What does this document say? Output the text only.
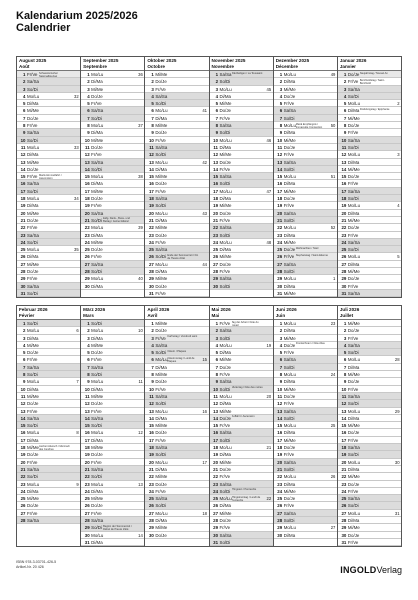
Kalendarium 2025/2026
Calendrier
August 2025
Août
1 Fr/Ve Schweizerischer Nationalfeiertag
2 Sa/Sa
3 So/Di
4 Mo/Lu	32
5 Di/Ma
6 Mi/Me
7 Do/Je
8 Fr/Ve
9 Sa/Sa
10 So/Di
11 Mo/Lu	33
12 Di/Ma
13 Mi/Me
14 Do/Je
15 Fr/Ve Mariä Himmelfahrt / Assomption
16 Sa/Sa
17 So/Di
18 Mo/Lu	34
19 Di/Ma
20 Mi/Me
21 Do/Je
22 Fr/Ve
23 Sa/Sa
24 So/Di
25 Mo/Lu	35
26 Di/Ma
27 Mi/Me
28 Do/Je
29 Fr/Ve
30 Sa/Sa
31 So/Di
September 2025
Septembre
1 Mo/Lu	36
2 Di/Ma
3 Mi/Me
4 Do/Je
5 Fr/Ve
6 Sa/Sa
7 So/Di
8 Mo/Lu	37
9 Di/Ma
10 Mi/Me
11 Do/Je
12 Fr/Ve
13 Sa/Sa
14 So/Di
15 Mo/Lu	38
16 Di/Ma
17 Mi/Me
18 Do/Je
19 Fr/Ve
20 Sa/Sa
21 So/Di Eidg. Dank-, Buss- und Bettag / Jeûne fédéral
22 Mo/Lu	39
23 Di/Ma
24 Mi/Me
25 Do/Je
26 Fr/Ve
27 Sa/Sa
28 So/Di
29 Mo/Lu	40
30 Di/Ma
Oktober 2025
Octobre
1 Mi/Me
2 Do/Je
3 Fr/Ve
4 Sa/Sa
5 So/Di
6 Mo/Lu	41
7 Di/Ma
8 Mi/Me
9 Do/Je
10 Fr/Ve
11 Sa/Sa
12 So/Di
13 Mo/Lu	42
14 Di/Ma
15 Mi/Me
16 Do/Je
17 Fr/Ve
18 Sa/Sa
19 So/Di
20 Mo/Lu	43
21 Di/Ma
22 Mi/Me
23 Do/Je
24 Fr/Ve
25 Sa/Sa
26 So/Di Ende der Sommerzeit / Fin de l'heure d'été
27 Mo/Lu	44
28 Di/Ma
29 Mi/Me
30 Do/Je
31 Fr/Ve
November 2025
Novembre
1 Sa/Sa Allerheiligen / La Toussaint
2 So/Di
3 Mo/Lu	45
4 Di/Ma
5 Mi/Me
6 Do/Je
7 Fr/Ve
8 Sa/Sa
9 So/Di
10 Mo/Lu	46
11 Di/Ma
12 Mi/Me
13 Do/Je
14 Fr/Ve
15 Sa/Sa
16 So/Di
17 Mo/Lu	47
18 Di/Ma
19 Mi/Me
20 Do/Je
21 Fr/Ve
22 Sa/Sa
23 So/Di
24 Mo/Lu	48
25 Di/Ma
26 Mi/Me
27 Do/Je
28 Fr/Ve
29 Sa/Sa
30 So/Di
Dezember 2025
Décembre
1 Mo/Lu	49
2 Di/Ma
3 Mi/Me
4 Do/Je
5 Fr/Ve
6 Sa/Sa
7 So/Di
8 Mo/Lu Mariä Empfängnis / Immaculée Conception	50
9 Di/Ma
10 Mi/Me
11 Do/Je
12 Fr/Ve
13 Sa/Sa
14 So/Di
15 Mo/Lu	51
16 Di/Ma
17 Mi/Me
18 Do/Je
19 Fr/Ve
20 Sa/Sa
21 So/Di
22 Mo/Lu	52
23 Di/Ma
24 Mi/Me
25 Do/Je Weihnachten / Noël
26 Fr/Ve Stephanstag / Saint-Étienne
27 Sa/Sa
28 So/Di
29 Mo/Lu	1
30 Di/Ma
31 Mi/Me
Januar 2026
Janvier
1 Do/Je Neujahrstag / Nouvel An
2 Fr/Ve Berchtoldstag / Saint-Berchtold
3 Sa/Sa
4 So/Di
5 Mo/Lu	2
6 Di/Ma Dreikönigstag / Épiphanie
7 Mi/Me
8 Do/Je
9 Fr/Ve
10 Sa/Sa
11 So/Di
12 Mo/Lu	3
13 Di/Ma
14 Mi/Me
15 Do/Je
16 Fr/Ve
17 Sa/Sa
18 So/Di
19 Mo/Lu	4
20 Di/Ma
21 Mi/Me
22 Do/Je
23 Fr/Ve
24 Sa/Sa
25 So/Di
26 Mo/Lu	5
27 Di/Ma
28 Mi/Me
29 Do/Je
30 Fr/Ve
31 Sa/Sa
Februar 2026
Février
1 So/Di
2 Mo/Lu	6
3 Di/Ma
4 Mi/Me
5 Do/Je
6 Fr/Ve
7 Sa/Sa
8 So/Di
9 Mo/Lu	7
10 Di/Ma
11 Mi/Me
12 Do/Je
13 Fr/Ve
14 Sa/Sa
15 So/Di
16 Mo/Lu	8
17 Di/Ma
18 Mi/Me Aschermittwoch / Mercredi des Cendres
19 Do/Je
20 Fr/Ve
21 Sa/Sa
22 So/Di
23 Mo/Lu	9
24 Di/Ma
25 Mi/Me
26 Do/Je
27 Fr/Ve
28 Sa/Sa
März 2026
Mars
1 So/Di
2 Mo/Lu	10
3 Di/Ma
4 Mi/Me
5 Do/Je
6 Fr/Ve
7 Sa/Sa
8 So/Di
9 Mo/Lu	11
10 Di/Ma
11 Mi/Me
12 Do/Je
13 Fr/Ve
14 Sa/Sa
15 So/Di
16 Mo/Lu	12
17 Di/Ma
18 Mi/Me
19 Do/Je
20 Fr/Ve
21 Sa/Sa
22 So/Di
23 Mo/Lu	13
24 Di/Ma
25 Mi/Me
26 Do/Je
27 Fr/Ve
28 Sa/Sa
29 So/Di Beginn der Sommerzeit / Début de l'heure d'été
30 Mo/Lu	14
31 Di/Ma
April 2026
Avril
1 Mi/Me
2 Do/Je
3 Fr/Ve Karfreitag / Vendredi saint
4 Sa/Sa
5 So/Di Ostern / Pâques
6 Mo/Lu Ostermontag / Lundi de Pâques	15
7 Di/Ma
8 Mi/Me
9 Do/Je
10 Fr/Ve
11 Sa/Sa
12 So/Di
13 Mo/Lu	16
14 Di/Ma
15 Mi/Me
16 Do/Je
17 Fr/Ve
18 Sa/Sa
19 So/Di
20 Mo/Lu	17
21 Di/Ma
22 Mi/Me
23 Do/Je
24 Fr/Ve
25 Sa/Sa
26 So/Di
27 Mo/Lu	18
28 Di/Ma
29 Mi/Me
30 Do/Je
Mai 2026
Mai
1 Fr/Ve Tag der Arbeit / Fête du travail
2 Sa/Sa
3 So/Di
4 Mo/Lu	19
5 Di/Ma
6 Mi/Me
7 Do/Je
8 Fr/Ve
9 Sa/Sa
10 So/Di Muttertag / Fête des mères
11 Mo/Lu	20
12 Di/Ma
13 Mi/Me
14 Do/Je Auffahrt / Ascension
15 Fr/Ve
16 Sa/Sa
17 So/Di
18 Mo/Lu	21
19 Di/Ma
20 Mi/Me
21 Do/Je
22 Fr/Ve
23 Sa/Sa
24 So/Di Pfingsten / Pentecôte
25 Mo/Lu Pfingstmontag / Lundi de Pentecôte	22
26 Di/Ma
27 Mi/Me
28 Do/Je
29 Fr/Ve
30 Sa/Sa
31 So/Di
Juni 2026
Juin
1 Mo/Lu	23
2 Di/Ma
3 Mi/Me
4 Do/Je Fronleichnam / Fête-Dieu
5 Fr/Ve
6 Sa/Sa
7 So/Di
8 Mo/Lu	24
9 Di/Ma
10 Mi/Me
11 Do/Je
12 Fr/Ve
13 Sa/Sa
14 So/Di
15 Mo/Lu	25
16 Di/Ma
17 Mi/Me
18 Do/Je
19 Fr/Ve
20 Sa/Sa
21 So/Di
22 Mo/Lu	26
23 Di/Ma
24 Mi/Me
25 Do/Je
26 Fr/Ve
27 Sa/Sa
28 So/Di
29 Mo/Lu	27
30 Di/Ma
Juli 2026
Juillet
1 Mi/Me
2 Do/Je
3 Fr/Ve
4 Sa/Sa
5 So/Di
6 Mo/Lu	28
7 Di/Ma
8 Mi/Me
9 Do/Je
10 Fr/Ve
11 Sa/Sa
12 So/Di
13 Mo/Lu	29
14 Di/Ma
15 Mi/Me
16 Do/Je
17 Fr/Ve
18 Sa/Sa
19 So/Di
20 Mo/Lu	30
21 Di/Ma
22 Mi/Me
23 Do/Je
24 Fr/Ve
25 Sa/Sa
26 So/Di
27 Mo/Lu	31
28 Di/Ma
29 Mi/Me
30 Do/Je
31 Fr/Ve
ISBN 978-3-03701-426-5
Artikel-Nr. 20 426	INGOLDVerlag
